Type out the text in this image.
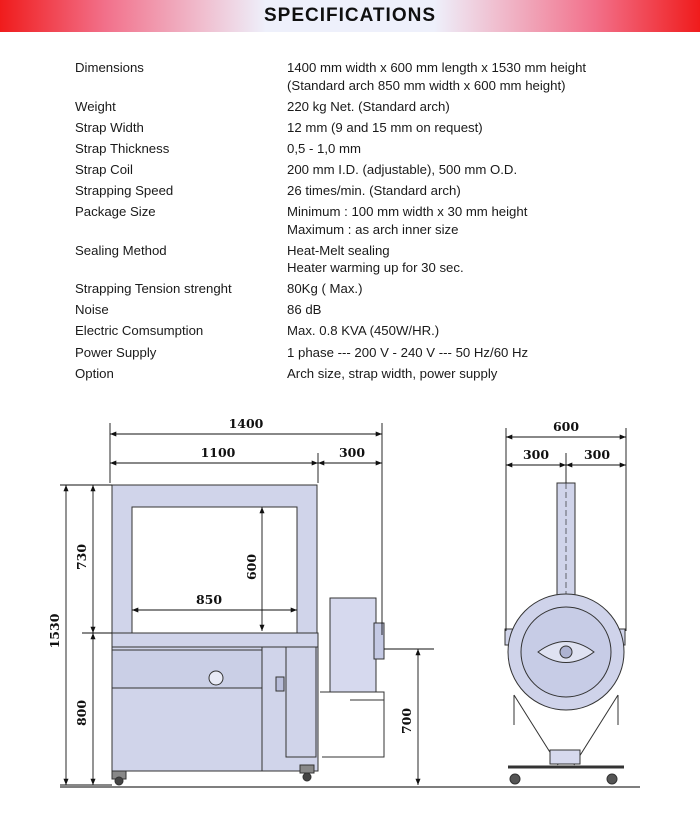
SPECIFICATIONS
Dimensions	1400 mm width x 600 mm length x 1530 mm height
(Standard arch 850 mm width x 600 mm height)
Weight	220 kg Net. (Standard arch)
Strap Width	12 mm (9 and 15 mm on request)
Strap Thickness	0,5 - 1,0 mm
Strap Coil	200 mm I.D. (adjustable), 500 mm O.D.
Strapping Speed	26 times/min. (Standard arch)
Package Size	Minimum : 100 mm width x 30 mm height
Maximum : as arch inner size
Sealing Method	Heat-Melt sealing
Heater warming up for 30 sec.
Strapping Tension strenght	80Kg ( Max.)
Noise	86 dB
Electric Comsumption	Max. 0.8 KVA (450W/HR.)
Power Supply	1 phase --- 200 V - 240 V --- 50 Hz/60 Hz
Option	Arch size, strap width, power supply
1400
1100	300
850
600
730
1530
800	700
600
300	300
